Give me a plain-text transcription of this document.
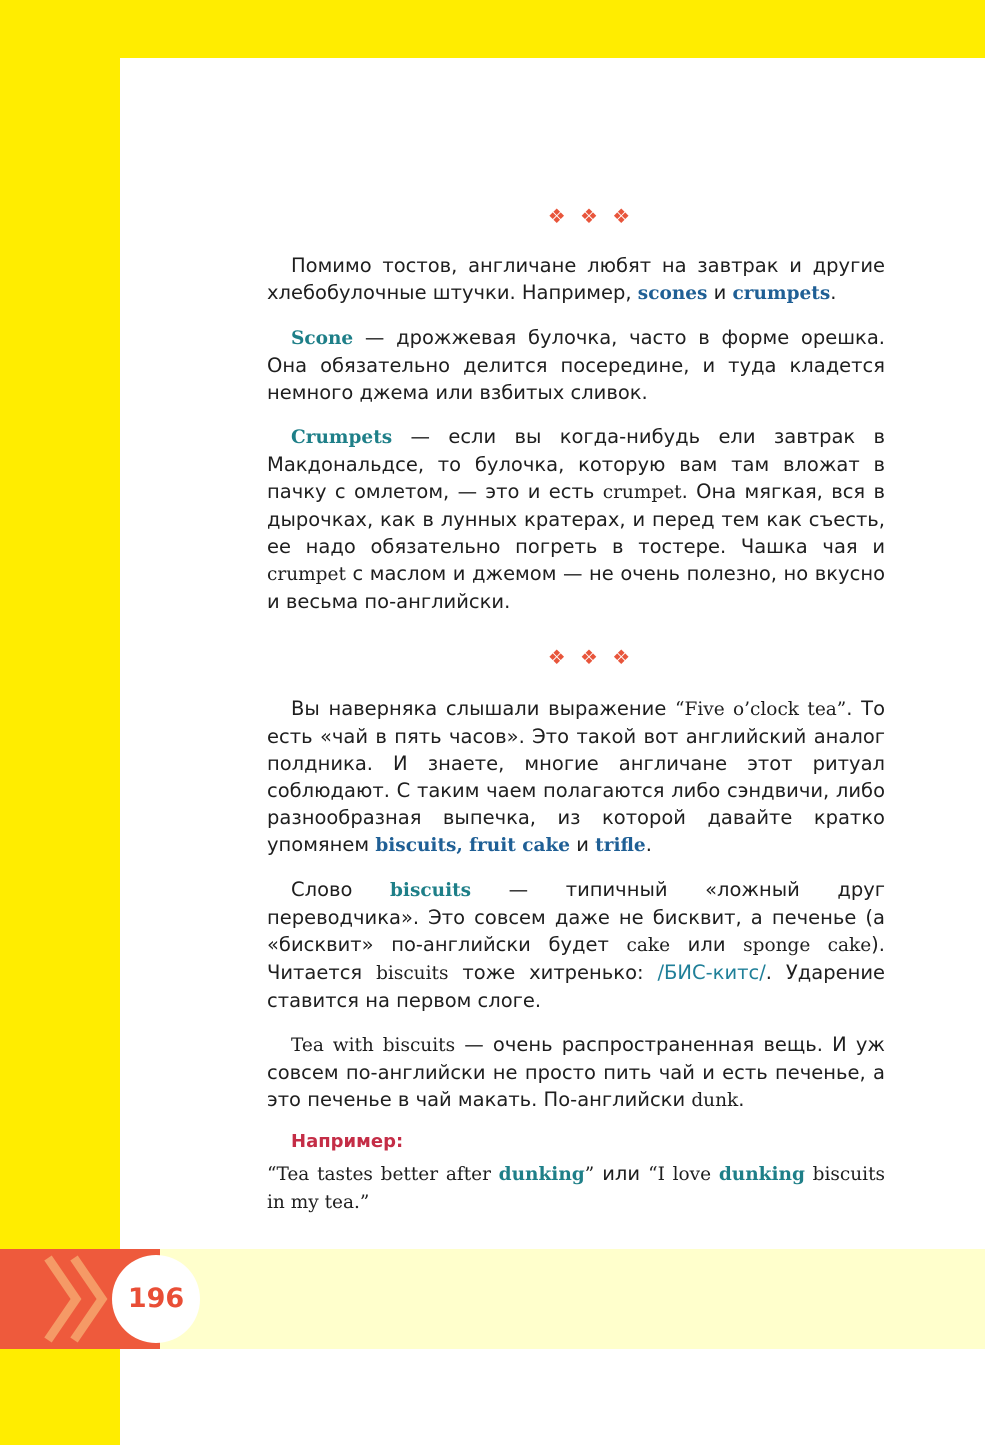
196
❖ ❖ ❖

Помимо тостов, англичане любят на завтрак и другие хлебобулочные штучки. Например, scones и crumpets.

Scone — дрожжевая булочка, часто в форме орешка. Она обязательно делится посередине, и туда кладется немного джема или взбитых сливок.

Crumpets — если вы когда-нибудь ели завтрак в Макдональдсе, то булочка, которую вам там вложат в пачку с омлетом, — это и есть crumpet. Она мягкая, вся в дырочках, как в лунных кратерах, и перед тем как съесть, ее надо обязательно погреть в тостере. Чашка чая и crumpet с маслом и джемом — не очень полезно, но вкусно и весьма по-английски.

❖ ❖ ❖

Вы наверняка слышали выражение “Five o’clock tea”. То есть «чай в пять часов». Это такой вот английский аналог полдника. И знаете, многие англичане этот ритуал соблюдают. С таким чаем полагаются либо сэндвичи, либо разнообразная выпечка, из которой давайте кратко упомянем biscuits, fruit cake и trifle.

Слово biscuits — типичный «ложный друг переводчика». Это совсем даже не бисквит, а печенье (а «бисквит» по-английски будет cake или sponge cake). Читается biscuits тоже хитренько: /БИС-китс/. Ударение ставится на первом слоге.

Tea with biscuits — очень распространенная вещь. И уж совсем по-английски не просто пить чай и есть печенье, а это печенье в чай макать. По-английски dunk.

Например:

“Tea tastes better after dunking” или “I love dunking biscuits in my tea.”
